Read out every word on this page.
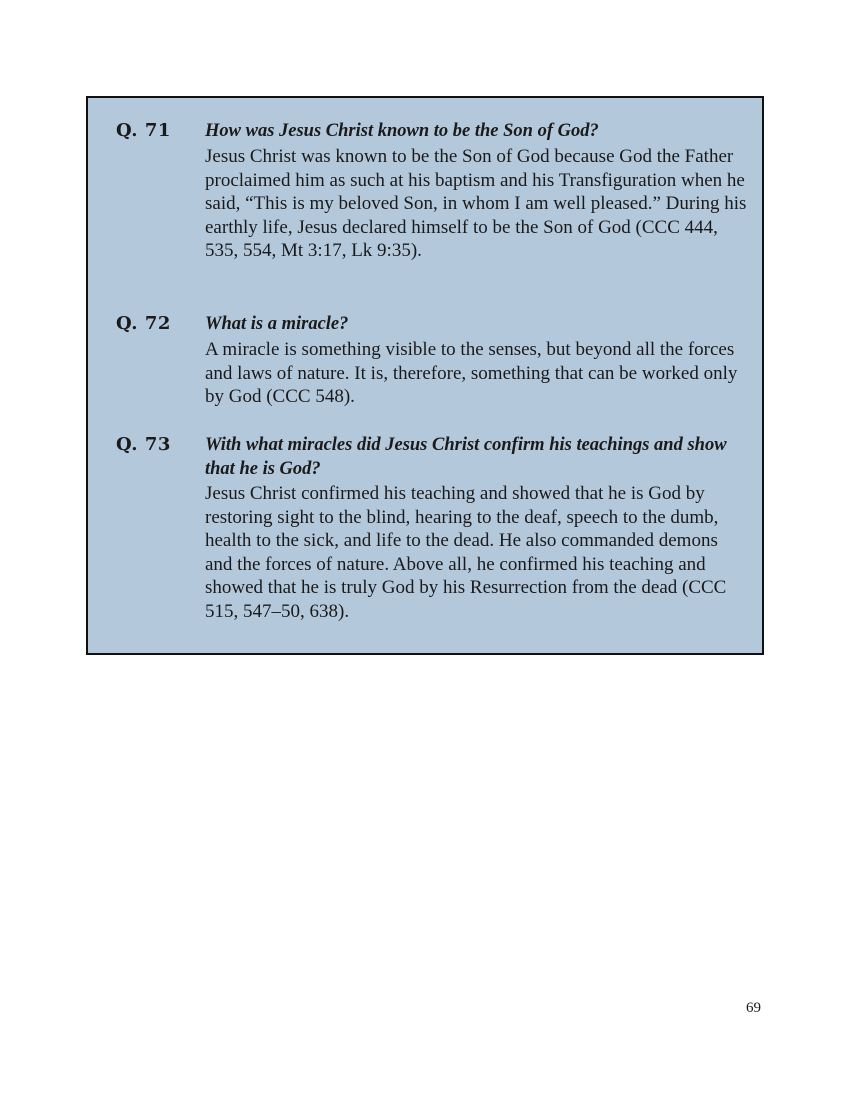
Q. 71 How was Jesus Christ known to be the Son of God?
Jesus Christ was known to be the Son of God because God the Father proclaimed him as such at his baptism and his Transfiguration when he said, “This is my beloved Son, in whom I am well pleased.” During his earthly life, Jesus declared himself to be the Son of God (CCC 444, 535, 554, Mt 3:17, Lk 9:35).
Q. 72 What is a miracle?
A miracle is something visible to the senses, but beyond all the forces and laws of nature. It is, therefore, something that can be worked only by God (CCC 548).
Q. 73 With what miracles did Jesus Christ confirm his teachings and show that he is God?
Jesus Christ confirmed his teaching and showed that he is God by restoring sight to the blind, hearing to the deaf, speech to the dumb, health to the sick, and life to the dead. He also commanded demons and the forces of nature. Above all, he confirmed his teaching and showed that he is truly God by his Resurrection from the dead (CCC 515, 547–50, 638).
69
